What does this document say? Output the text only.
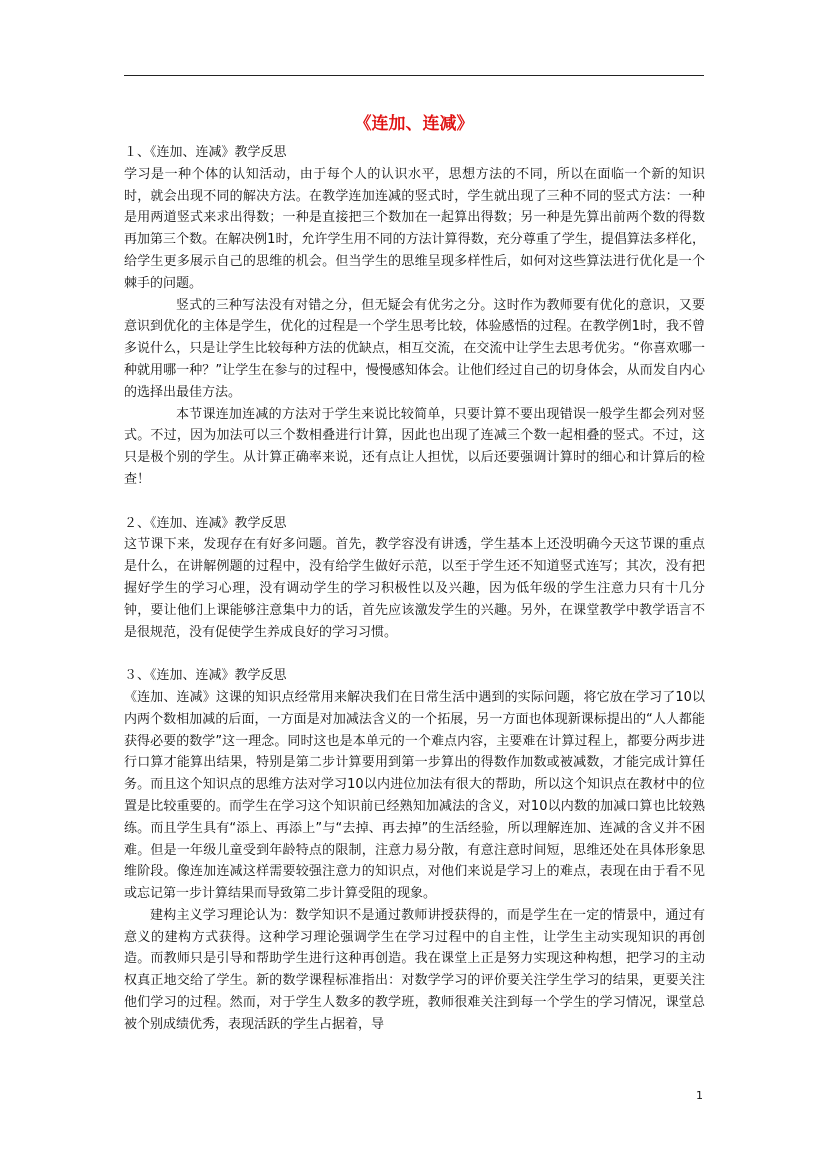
《连加、连减》

１、《连加、连减》教学反思

学习是一种个体的认知活动，由于每个人的认识水平，思想方法的不同，所以在面临一个新的知识时，就会出现不同的解决方法。在教学连加连减的竖式时，学生就出现了三种不同的竖式方法：一种是用两道竖式来求出得数；一种是直接把三个数加在一起算出得数；另一种是先算出前两个数的得数再加第三个数。在解决例1时，允许学生用不同的方法计算得数，充分尊重了学生，提倡算法多样化，给学生更多展示自己的思维的机会。但当学生的思维呈现多样性后，如何对这些算法进行优化是一个棘手的问题。

竖式的三种写法没有对错之分，但无疑会有优劣之分。这时作为教师要有优化的意识，又要意识到优化的主体是学生，优化的过程是一个学生思考比较，体验感悟的过程。在教学例1时，我不曾多说什么，只是让学生比较每种方法的优缺点，相互交流，在交流中让学生去思考优劣。“你喜欢哪一种就用哪一种？”让学生在参与的过程中，慢慢感知体会。让他们经过自己的切身体会，从而发自内心的选择出最佳方法。

本节课连加连减的方法对于学生来说比较简单，只要计算不要出现错误一般学生都会列对竖式。不过，因为加法可以三个数相叠进行计算，因此也出现了连减三个数一起相叠的竖式。不过，这只是极个别的学生。从计算正确率来说，还有点让人担忧，以后还要强调计算时的细心和计算后的检查！

２、《连加、连减》教学反思

这节课下来，发现存在有好多问题。首先，教学容没有讲透，学生基本上还没明确今天这节课的重点是什么，在讲解例题的过程中，没有给学生做好示范，以至于学生还不知道竖式连写；其次，没有把握好学生的学习心理，没有调动学生的学习积极性以及兴趣，因为低年级的学生注意力只有十几分钟，要让他们上课能够注意集中力的话，首先应该激发学生的兴趣。另外，在课堂教学中教学语言不是很规范，没有促使学生养成良好的学习习惯。

３、《连加、连减》教学反思

《连加、连减》这课的知识点经常用来解决我们在日常生活中遇到的实际问题，将它放在学习了10以内两个数相加减的后面，一方面是对加减法含义的一个拓展，另一方面也体现新课标提出的“人人都能获得必要的数学”这一理念。同时这也是本单元的一个难点内容，主要难在计算过程上，都要分两步进行口算才能算出结果，特别是第二步计算要用到第一步算出的得数作加数或被减数，才能完成计算任务。而且这个知识点的思维方法对学习10以内进位加法有很大的帮助，所以这个知识点在教材中的位置是比较重要的。而学生在学习这个知识前已经熟知加减法的含义，对10以内数的加减口算也比较熟练。而且学生具有“添上、再添上”与“去掉、再去掉”的生活经验，所以理解连加、连减的含义并不困难。但是一年级儿童受到年龄特点的限制，注意力易分散，有意注意时间短，思维还处在具体形象思维阶段。像连加连减这样需要较强注意力的知识点，对他们来说是学习上的难点，表现在由于看不见或忘记第一步计算结果而导致第二步计算受阻的现象。

建构主义学习理论认为：数学知识不是通过教师讲授获得的，而是学生在一定的情景中，通过有意义的建构方式获得。这种学习理论强调学生在学习过程中的自主性，让学生主动实现知识的再创造。而教师只是引导和帮助学生进行这种再创造。我在课堂上正是努力实现这种构想，把学习的主动权真正地交给了学生。新的数学课程标准指出：对数学学习的评价要关注学生学习的结果，更要关注他们学习的过程。然而，对于学生人数多的教学班，教师很难关注到每一个学生的学习情况，课堂总被个别成绩优秀，表现活跃的学生占据着，导

1
